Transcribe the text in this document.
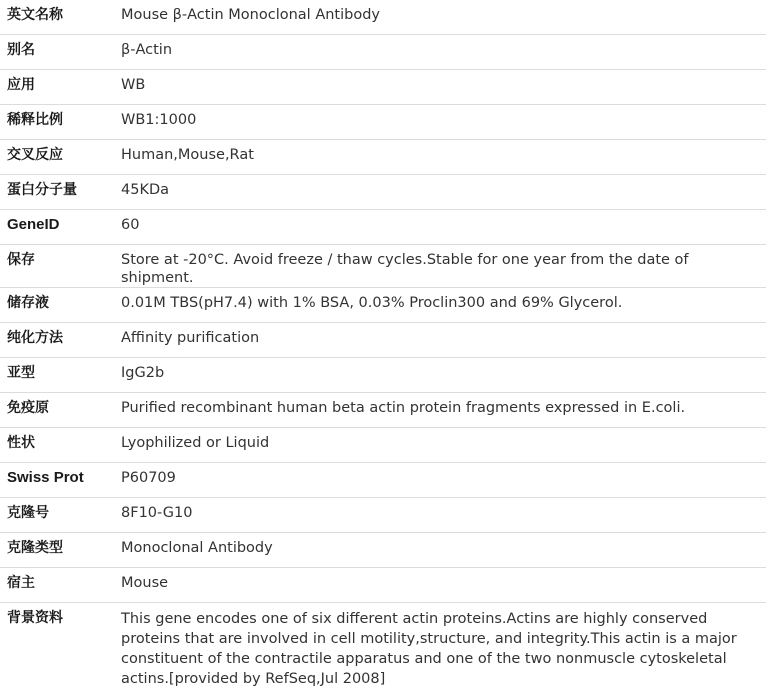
英文名称	Mouse β-Actin Monoclonal Antibody
别名	β-Actin
应用	WB
稀释比例	WB1:1000
交叉反应	Human,Mouse,Rat
蛋白分子量	45KDa
GeneID	60
保存	Store at -20°C. Avoid freeze / thaw cycles.Stable for one year from the date of shipment.
储存液	0.01M TBS(pH7.4) with 1% BSA, 0.03% Proclin300 and 69% Glycerol.
纯化方法	Affinity purification
亚型	IgG2b
免疫原	Purified recombinant human beta actin protein fragments expressed in E.coli.
性状	Lyophilized or Liquid
Swiss Prot	P60709
克隆号	8F10-G10
克隆类型	Monoclonal Antibody
宿主	Mouse
背景资料	This gene encodes one of six different actin proteins.Actins are highly conserved proteins that are involved in cell motility,structure, and integrity.This actin is a major constituent of the contractile apparatus and one of the two nonmuscle cytoskeletal actins.[provided by RefSeq,Jul 2008]
